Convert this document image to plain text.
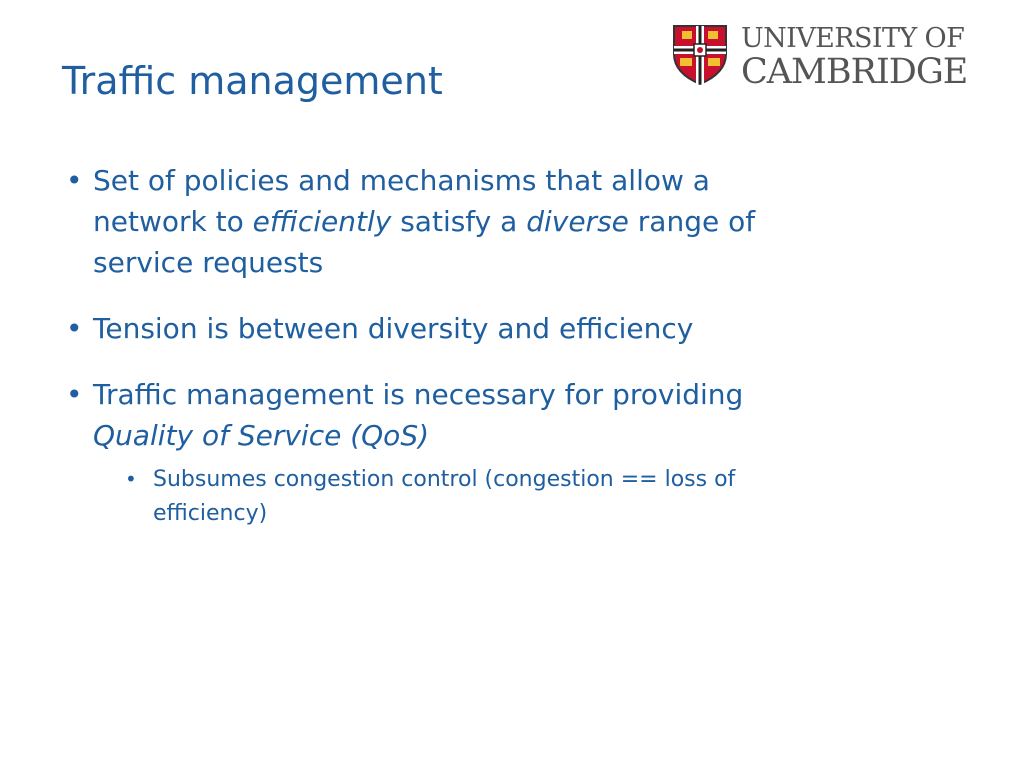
Traffic management
UNIVERSITY OF
CAMBRIDGE
• Set of policies and mechanisms that allow a
network to efficiently satisfy a diverse range of
service requests
• Tension is between diversity and efficiency
• Traffic management is necessary for providing
Quality of Service (QoS)
• Subsumes congestion control (congestion == loss of
efficiency)
